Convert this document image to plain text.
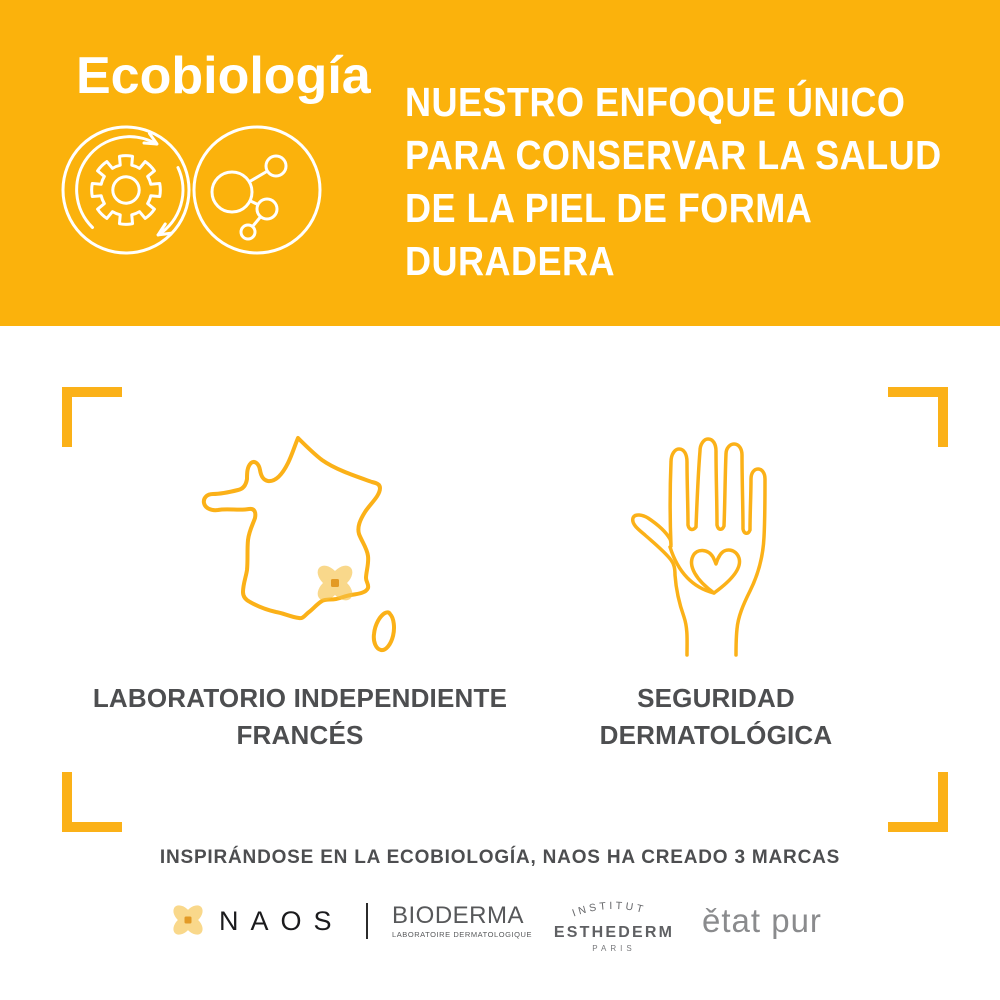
Ecobiología NUESTRO ENFOQUE ÚNICO
PARA CONSERVAR LA SALUD
DE LA PIEL DE FORMA
DURADERA
LABORATORIO INDEPENDIENTE
FRANCÉS
SEGURIDAD
DERMATOLÓGICA
INSPIRÁNDOSE EN LA ECOBIOLOGÍA, NAOS HA CREADO 3 MARCAS
NAOS BIODERMA
LABORATOIRE DERMATOLOGIQUE
INSTITUT
ESTHEDERM
PARIS
ětat pur
